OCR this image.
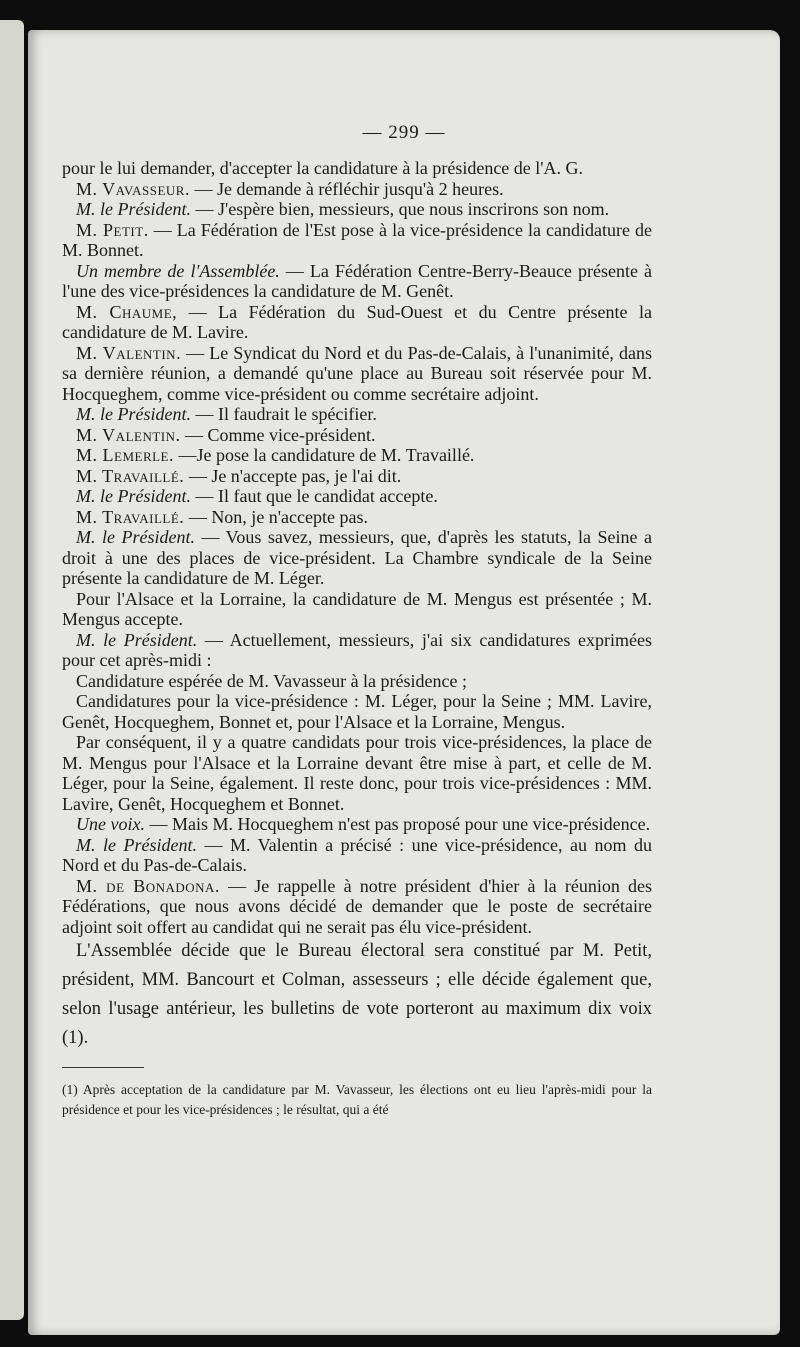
— 299 —

pour le lui demander, d'accepter la candidature à la présidence de l'A. G.

M. Vavasseur. — Je demande à réfléchir jusqu'à 2 heures.

M. le Président. — J'espère bien, messieurs, que nous inscrirons son nom.

M. Petit. — La Fédération de l'Est pose à la vice-présidence la candidature de M. Bonnet.

Un membre de l'Assemblée. — La Fédération Centre-Berry-Beauce présente à l'une des vice-présidences la candidature de M. Genêt.

M. Chaume, — La Fédération du Sud-Ouest et du Centre présente la candidature de M. Lavire.

M. Valentin. — Le Syndicat du Nord et du Pas-de-Calais, à l'unanimité, dans sa dernière réunion, a demandé qu'une place au Bureau soit réservée pour M. Hocqueghem, comme vice-président ou comme secrétaire adjoint.

M. le Président. — Il faudrait le spécifier.

M. Valentin. — Comme vice-président.

M. Lemerle. —Je pose la candidature de M. Travaillé.

M. Travaillé. — Je n'accepte pas, je l'ai dit.

M. le Président. — Il faut que le candidat accepte.

M. Travaillé. — Non, je n'accepte pas.

M. le Président. — Vous savez, messieurs, que, d'après les statuts, la Seine a droit à une des places de vice-président. La Chambre syndicale de la Seine présente la candidature de M. Léger.

Pour l'Alsace et la Lorraine, la candidature de M. Mengus est présentée ; M. Mengus accepte.

M. le Président. — Actuellement, messieurs, j'ai six candidatures exprimées pour cet après-midi :

Candidature espérée de M. Vavasseur à la présidence ;

Candidatures pour la vice-présidence : M. Léger, pour la Seine ; MM. Lavire, Genêt, Hocqueghem, Bonnet et, pour l'Alsace et la Lorraine, Mengus.

Par conséquent, il y a quatre candidats pour trois vice-présidences, la place de M. Mengus pour l'Alsace et la Lorraine devant être mise à part, et celle de M. Léger, pour la Seine, également. Il reste donc, pour trois vice-présidences : MM. Lavire, Genêt, Hocqueghem et Bonnet.

Une voix. — Mais M. Hocqueghem n'est pas proposé pour une vice-présidence.

M. le Président. — M. Valentin a précisé : une vice-présidence, au nom du Nord et du Pas-de-Calais.

M. de Bonadona. — Je rappelle à notre président d'hier à la réunion des Fédérations, que nous avons décidé de demander que le poste de secrétaire adjoint soit offert au candidat qui ne serait pas élu vice-président.

L'Assemblée décide que le Bureau électoral sera constitué par M. Petit, président, MM. Bancourt et Colman, assesseurs ; elle décide également que, selon l'usage antérieur, les bulletins de vote porteront au maximum dix voix (1).

(1) Après acceptation de la candidature par M. Vavasseur, les élections ont eu lieu l'après-midi pour la présidence et pour les vice-présidences ; le résultat, qui a été
